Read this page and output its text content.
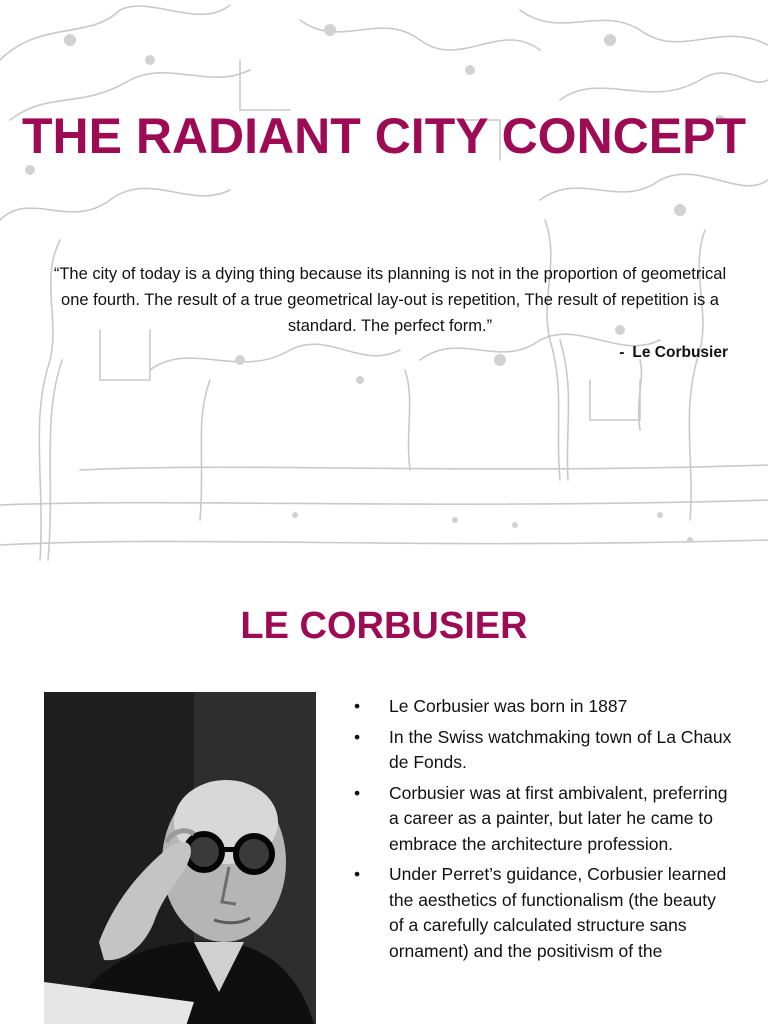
THE RADIANT CITY CONCEPT

“The city of today is a dying thing because its planning is not in the proportion of geometrical one fourth. The result of a true geometrical lay-out is repetition, The result of repetition is a standard. The perfect form.”

- Le Corbusier
LE CORBUSIER
•	Le Corbusier was born in 1887
•	In the Swiss watchmaking town of La Chaux de Fonds.
•	Corbusier was at first ambivalent, preferring a career as a painter, but later he came to embrace the architecture profession.
•	Under Perret’s guidance, Corbusier learned the aesthetics of functionalism (the beauty of a carefully calculated structure sans ornament) and the positivism of the
